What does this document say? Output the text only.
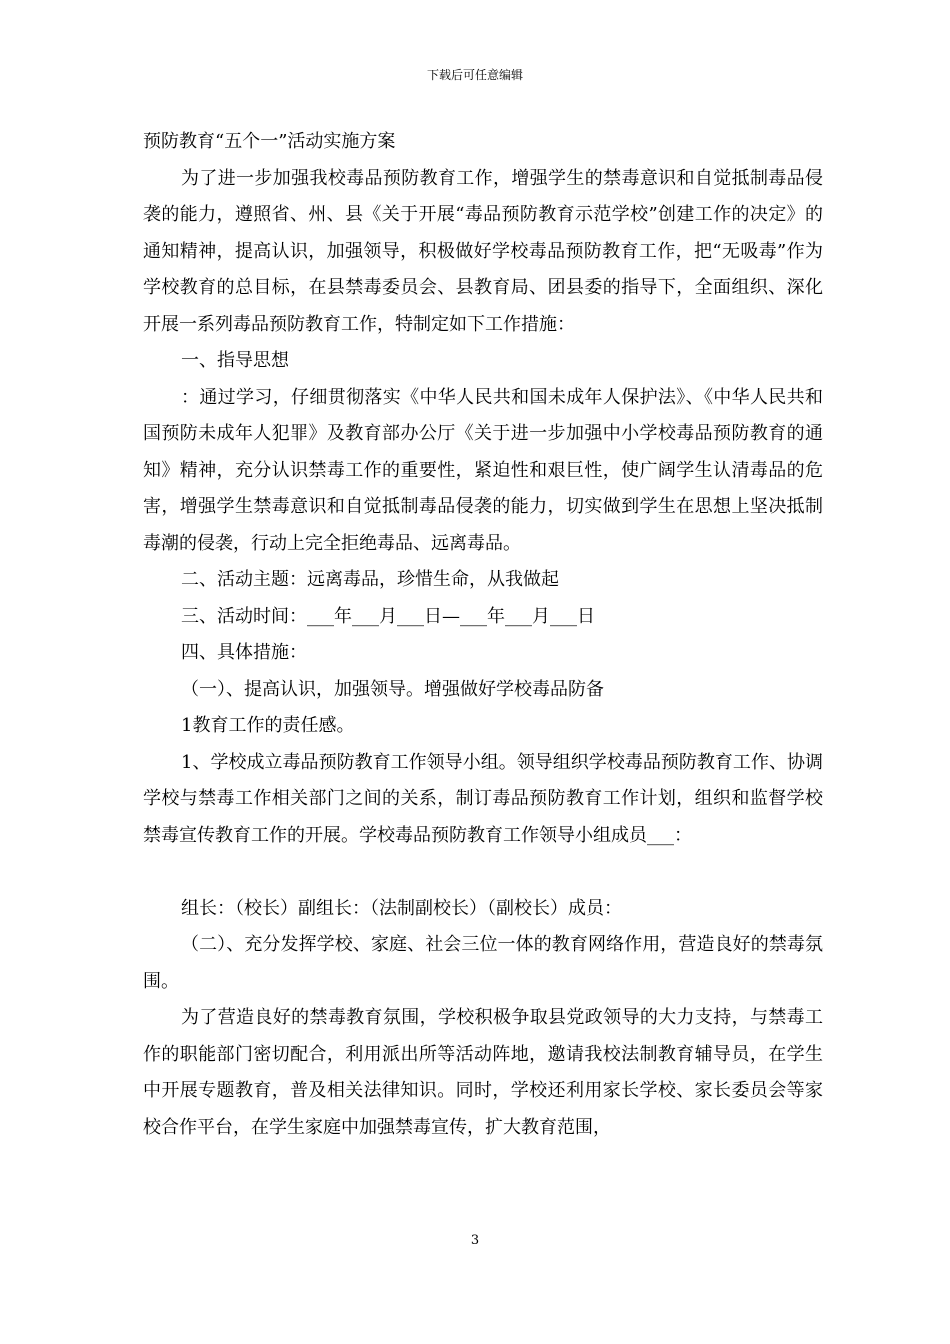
下载后可任意编辑

预防教育“五个一”活动实施方案

为了进一步加强我校毒品预防教育工作，增强学生的禁毒意识和自觉抵制毒品侵袭的能力，遵照省、州、县《关于开展“毒品预防教育示范学校”创建工作的决定》的通知精神，提高认识，加强领导，积极做好学校毒品预防教育工作，把“无吸毒”作为学校教育的总目标，在县禁毒委员会、县教育局、团县委的指导下，全面组织、深化开展一系列毒品预防教育工作，特制定如下工作措施：

一、指导思想

：通过学习，仔细贯彻落实《中华人民共和国未成年人保护法》、《中华人民共和国预防未成年人犯罪》及教育部办公厅《关于进一步加强中小学校毒品预防教育的通知》精神，充分认识禁毒工作的重要性，紧迫性和艰巨性，使广阔学生认清毒品的危害，增强学生禁毒意识和自觉抵制毒品侵袭的能力，切实做到学生在思想上坚决抵制毒潮的侵袭，行动上完全拒绝毒品、远离毒品。

二、活动主题：远离毒品，珍惜生命，从我做起

三、活动时间：___年___月___日—___年___月___日

四、具体措施：

（一）、提高认识，加强领导。增强做好学校毒品防备

1教育工作的责任感。

1、学校成立毒品预防教育工作领导小组。领导组织学校毒品预防教育工作、协调学校与禁毒工作相关部门之间的关系，制订毒品预防教育工作计划，组织和监督学校禁毒宣传教育工作的开展。学校毒品预防教育工作领导小组成员___：

组长：（校长）副组长：（法制副校长）（副校长）成员：

（二）、充分发挥学校、家庭、社会三位一体的教育网络作用，营造良好的禁毒氛围。

为了营造良好的禁毒教育氛围，学校积极争取县党政领导的大力支持，与禁毒工作的职能部门密切配合，利用派出所等活动阵地，邀请我校法制教育辅导员，在学生中开展专题教育，普及相关法律知识。同时，学校还利用家长学校、家长委员会等家校合作平台，在学生家庭中加强禁毒宣传，扩大教育范围，

3
